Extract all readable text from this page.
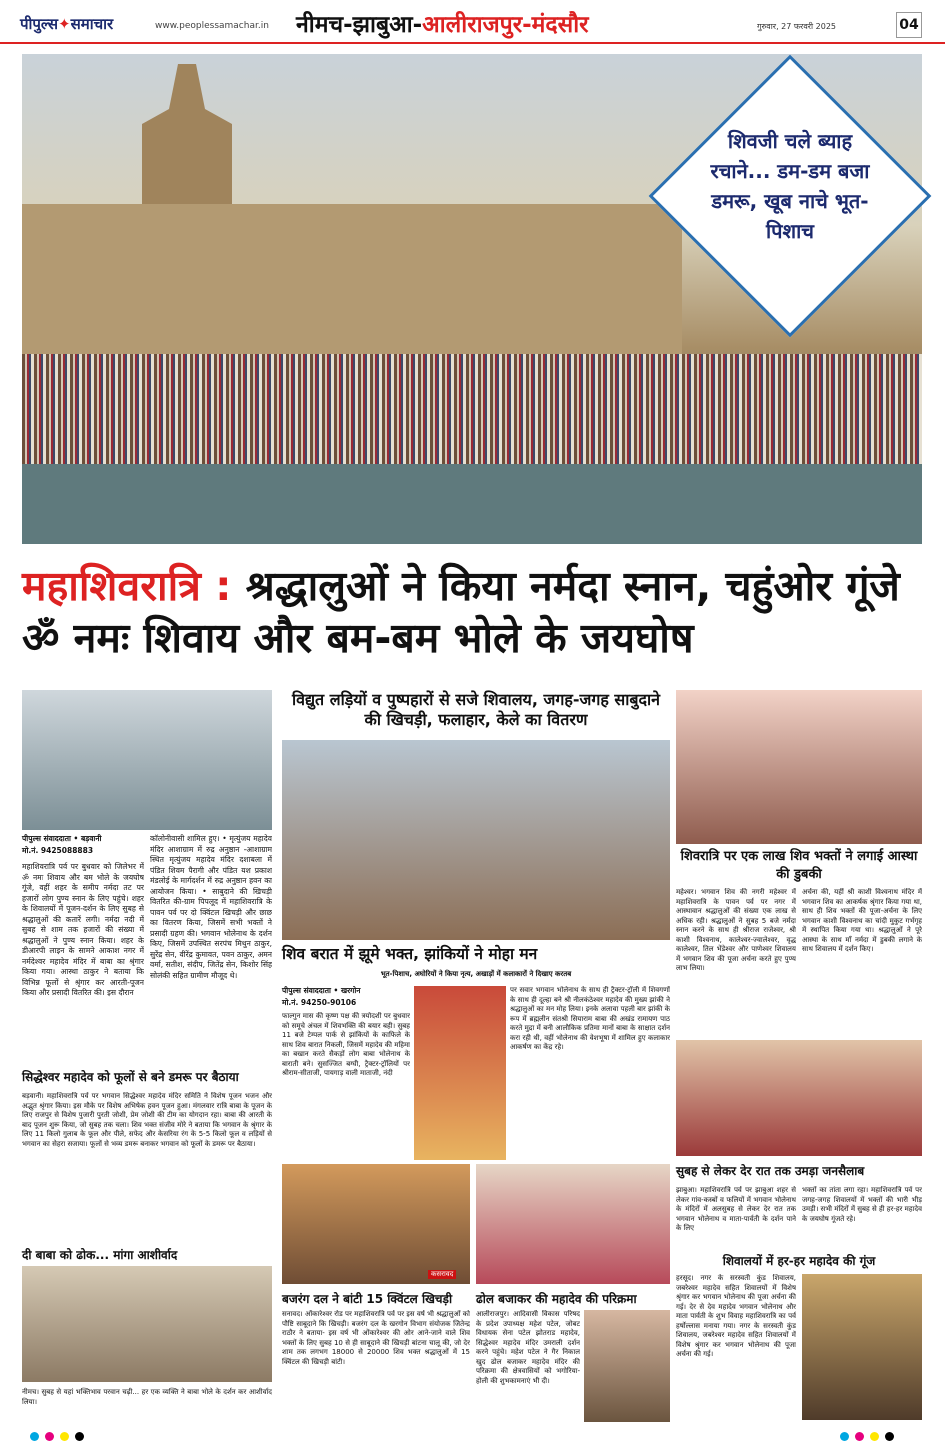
पीपुल्स✦समाचार	www.peoplessamachar.in नीमच-झाबुआ-आलीराजपुर-मंदसौर	गुरुवार, 27 फरवरी 2025	04
शिवजी चले ब्याह रचाने... डम-डम बजा डमरू, खूब नाचे भूत-पिशाच
महाशिवरात्रि : श्रद्धालुओं ने किया नर्मदा स्नान, चहुंओर गूंजे ॐ नमः शिवाय और बम-बम भोले के जयघोष
पीपुल्स संवाददाता • बड़वानी
मो.नं. 9425088883
महाशिवरात्रि पर्व पर बुधवार को जिलेभर में ॐ नमः शिवाय और बम भोले के जयघोष गूंजे, वहीं शहर के समीप नर्मदा तट पर हजारों लोग पुण्य स्नान के लिए पहुंचे। शहर के शिवालयों में पूजन-दर्शन के लिए सुबह से श्रद्धालुओं की कतारें लगी। नर्मदा नदी में सुबह से शाम तक हजारों की संख्या में श्रद्धालुओं ने पुण्य स्नान किया। शहर के डीआरपी लाइन के सामने आकाश नगर में नर्मदेश्वर महादेव मंदिर में बाबा का श्रृंगार किया गया। आस्था ठाकुर ने बताया कि विभिन्न फूलों से श्रृंगार कर आरती-पूजन किया और प्रसादी वितरित की। इस दौरान
कॉलोनीवासी शामिल हुए। • मृत्युंजय महादेव मंदिर आशाग्राम में रुद्र अनुष्ठान -आशाग्राम स्थित मृत्युंजय महादेव मंदिर दशाबला में पंडित शिवम पैरागी और पंडित यश प्रकाश मंडलोई के मार्गदर्शन में रुद्र अनुष्ठान हवन का आयोजन किया। • साबुदाने की खिचड़ी वितरित की-ग्राम पिपलूद में महाशिवरात्रि के पावन पर्व पर दो क्विंटल खिचड़ी और छाछ का वितरण किया, जिसमें सभी भक्तों ने प्रसादी ग्रहण की। भगवान भोलेनाथ के दर्शन किए, जिसमें उपस्थित सरपंच मिथुन ठाकुर, सुरेंद्र सेन, वीरेंद्र कुमावत, पवन ठाकुर, अमन वर्मा, सतीश, संदीप, जितेंद्र सेन, किशोर सिंह सोलंकी सहित ग्रामीण मौजूद थे।
सिद्धेश्वर महादेव को फूलों से बने डमरू पर बैठाया
बड़वानी। महाशिवरात्रि पर्व पर भगवान सिद्धेश्वर महादेव मंदिर समिति ने विशेष पूजन भजन और अद्भुत श्रृंगार किया। इस मौके पर विशेष अभिषेक हवन पूजन हुआ। मंगलवार रात्रि बाबा के पूजन के लिए राजपुर से विशेष पुजारी पुरती जोशी, प्रेम जोशी की टीम का योगदान रहा। बाबा की आरती के बाद पूजन शुरू किया, जो सुबह तक चला। शिव भक्त संजीव मोरे ने बताया कि भगवान के श्रृंगार के लिए 11 किलो गुलाब के फूल और पीले, सफेद और केसरिया रंग के 5-5 किलो फूल व लड़ियों से भगवान का सेहरा सजाया। फूलों से भव्य डमरू बनाकर भगवान को फूलों के डमरू पर बैठाया।
दी बाबा को ढोक... मांगा आशीर्वाद
नीमच। सुबह से यहां भक्तिभाव परवान चढ़ी... हर एक व्यक्ति ने बाबा भोले के दर्शन कर आशीर्वाद लिया।
विद्युत लड़ियों व पुष्पहारों से सजे शिवालय, जगह-जगह साबुदाने की खिचड़ी, फलाहार, केले का वितरण
शिव बरात में झूमे भक्त, झांकियों ने मोहा मन
भूत-पिशाच, अघोरियों ने किया नृत्य, अखाड़ों में कलाकारों ने दिखाए करतब
पीपुल्स संवाददाता • खरगोन
मो.नं. 94250-90106
फाल्गुन मास की कृष्ण पक्ष की त्रयोदशी पर बुधवार को समूचे अंचल में शिवभक्ति की बयार बही। सुबह 11 बजे टेम्पल पार्क से झांकियों के काफिले के साथ शिव बारात निकली, जिसमें महादेव की महिमा का बखान करते सैकड़ों लोग बाबा भोलेनाथ के बाराती बने। सुसज्जित बग्घी, ट्रैक्टर-ट्रॉलियों पर श्रीराम-सीताजी, पायगाड़ वाली माताजी, नंदी
पर सवार भगवान भोलेनाथ के साथ ही ट्रैक्टर-ट्रॉली में शिवगणों के साथ ही दूल्हा बने श्री नीलकंठेश्वर महादेव की मुख्य झांकी ने श्रद्धालुओं का मन मोह लिया। इनके अलावा पहली बार झांकी के रूप में ब्रह्मलीन संतश्री सियाराम बाबा की अखंड रामायण पाठ करते मुद्रा में बनी आलौकिक प्रतिमा मानों बाबा के साक्षात दर्शन करा रही थी, वहीं भोलेनाथ की वेशभूषा में शामिल हुए कलाकार आकर्षण का केंद्र रहे।
कसरावद
बजरंग दल ने बांटी 15 क्विंटल खिचड़ी
सनावद। ओंकारेश्वर रोड पर महाशिवरात्रि पर्व पर इस वर्ष भी श्रद्धालुओं को पौष्टि साबूदाने कि खिचड़ी। बजरंग दल के खरगोन विभाग संयोजक जितेन्द्र राठौर ने बताया- इस वर्ष भी ओंकारेश्वर की ओर आने-जाने वाले शिव भक्तों के लिए सुबह 10 से ही साबूदाने की खिचड़ी बांटना चालू की, जो देर शाम तक लगभग 18000 से 20000 शिव भक्त श्रद्धालुओं में 15 क्विंटल की खिचड़ी बांटी।
ढोल बजाकर की महादेव की परिक्रमा
आलीराजपुर। आदिवासी विकास परिषद के प्रदेश उपाध्यक्ष महेश पटेल, जोबट विधायक सेना पटेल झोतराड महादेव, सिद्धेश्वर महादेव मंदिर उमराली दर्शन करने पहुंचे। महेश पटेल ने गैर निकाल खुद ढोल बजाकर महादेव मंदिर की परिक्रमा की क्षेत्रवासियों को भगोरिया-होली की शुभकामनाएं भी दी।
शिवरात्रि पर एक लाख शिव भक्तों ने लगाई आस्था की डुबकी
महेश्वर। भगवान शिव की नगरी महेश्वर में महाशिवरात्रि के पावन पर्व पर नगर में आस्थावान श्रद्धालुओं की संख्या एक लाख से अधिक रही। श्रद्धालुओं ने सुबह 5 बजे नर्मदा स्नान करने के साथ ही श्रीराज राजेश्वर, श्री काशी विश्वनाथ, कालेश्वर-ज्वालेश्वर, वृद्ध कालेश्वर, तिल भेंडेश्वर और पाणेश्वर शिवालय में भगवान शिव की पूजा अर्चना करते हुए पुण्य लाभ लिया।
अर्चना की, यहीं श्री काशी विश्वनाथ मंदिर में भगवान शिव का आकर्षक श्रृंगार किया गया था, साथ ही शिव भक्तों की पूजा-अर्चना के लिए भगवान काशी विश्वनाथ का चांदी मुकुट गर्भगृह में स्थापित किया गया था। श्रद्धालुओं ने पूरे आस्था के साथ माँ नर्मदा में डुबकी लगाने के साथ शिवालय में दर्शन किए।
सुबह से लेकर देर रात तक उमड़ा जनसैलाब
झाबुआ। महाशिवरात्रि पर्व पर झाबुआ शहर से लेकर गांव-कस्बों व फलियों में भगवान भोलेनाथ के मंदिरों में अलसुबह से लेकर देर रात तक भगवान भोलेनाथ व माता-पार्वती के दर्शन पाने के लिए
भक्तों का तांता लगा रहा। महाशिवरात्रि पर्व पर जगह-जगह शिवालयों में भक्तों की भारी भीड़ उमड़ी। सभी मंदिरों में सुबह से ही हर-हर महादेव के जयघोष गूंजते रहे।
शिवालयों में हर-हर महादेव की गूंज
हरसूद। नगर के सरस्वती कुंड शिवालय, जबरेश्वर महादेव सहित शिवालयों में विशेष श्रृंगार कर भगवान भोलेनाथ की पूजा अर्चना की गई। देर से देव महादेव भगवान भोलेनाथ और माता पार्वती के शुभ विवाह महाशिवरात्रि का पर्व हर्षोल्लास मनाया गया। नगर के सरस्वती कुंड शिवालय, जबरेश्वर महादेव सहित शिवालयों में विशेष श्रृंगार कर भगवान भोलेनाथ की पूजा अर्चना की गई।
